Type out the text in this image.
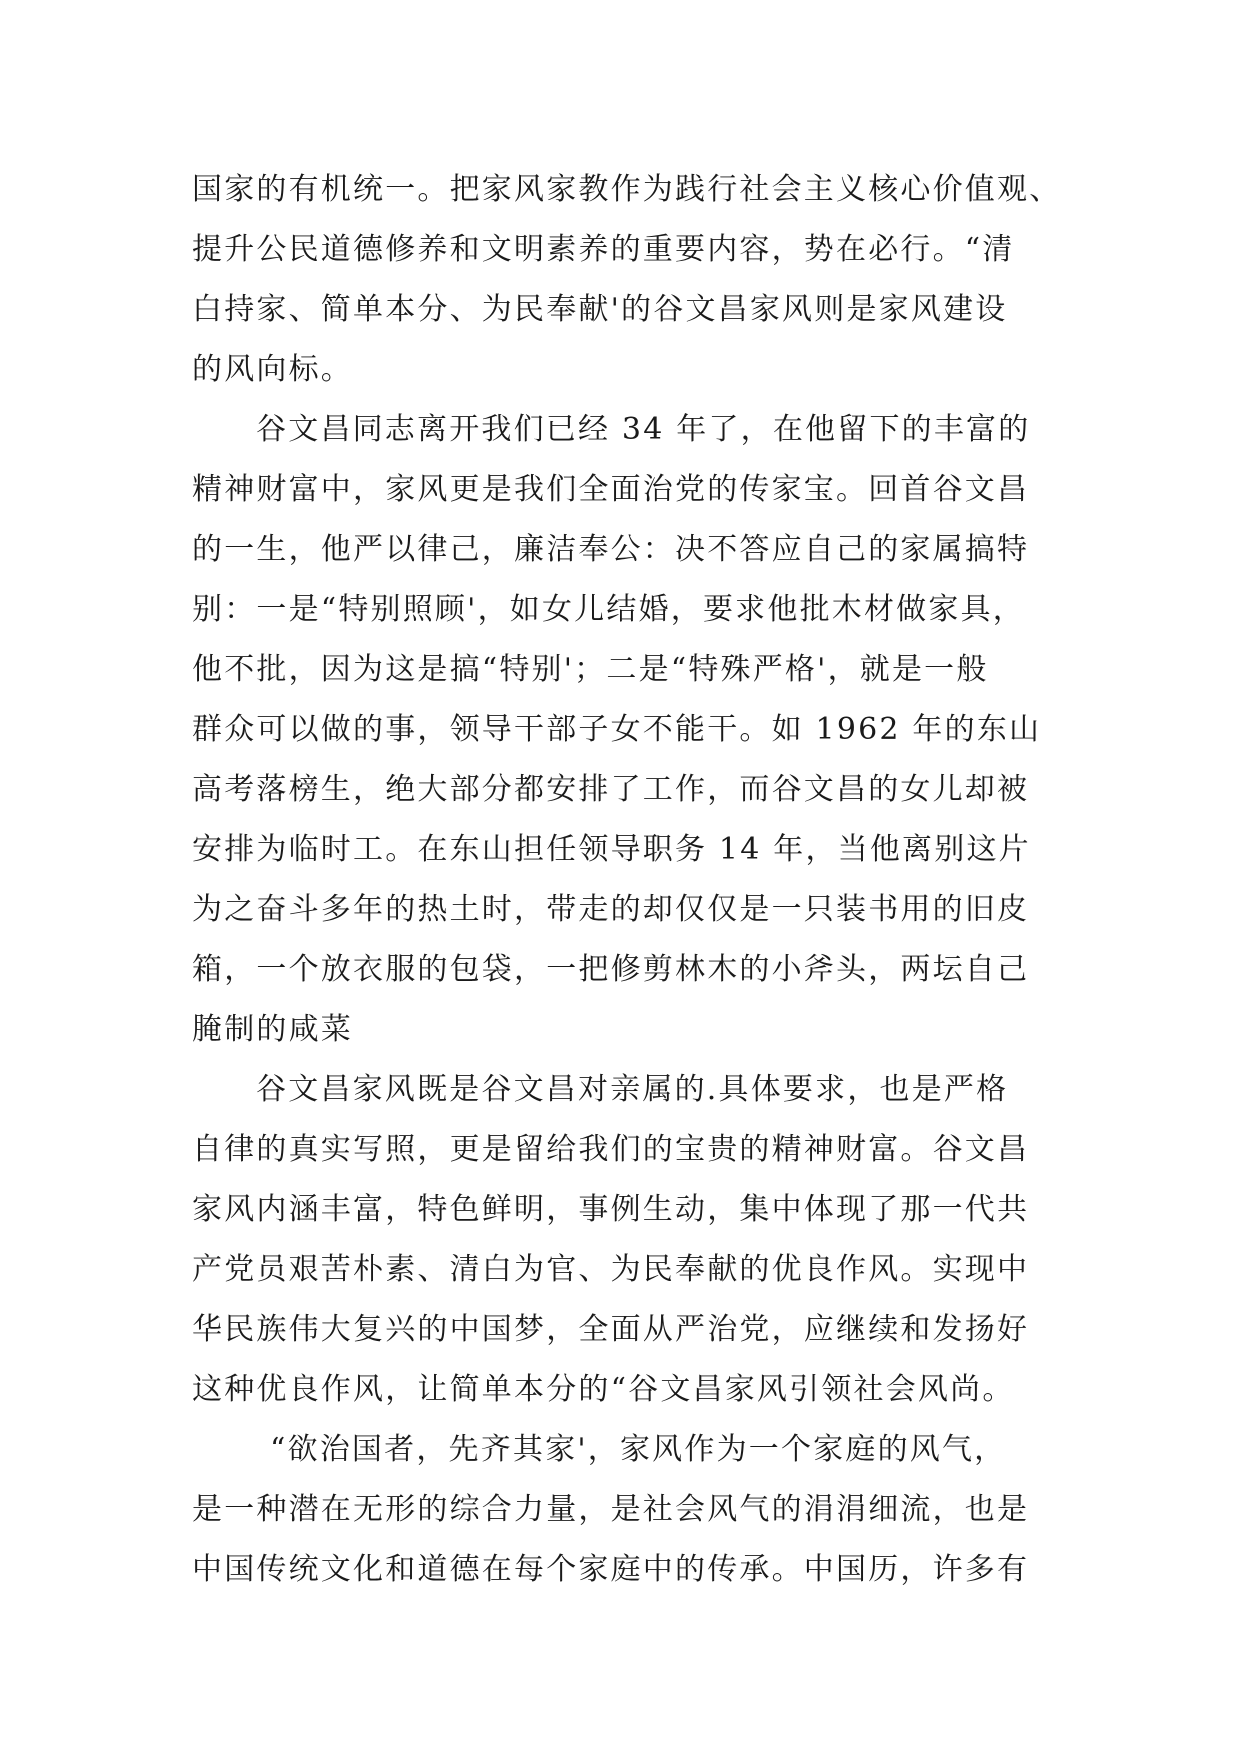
国家的有机统一。把家风家教作为践行社会主义核心价值观、
提升公民道德修养和文明素养的重要内容，势在必行。“清
白持家、简单本分、为民奉献'的谷文昌家风则是家风建设
的风向标。
谷文昌同志离开我们已经 34 年了，在他留下的丰富的
精神财富中，家风更是我们全面治党的传家宝。回首谷文昌
的一生，他严以律己，廉洁奉公：决不答应自己的家属搞特
别：一是“特别照顾'，如女儿结婚，要求他批木材做家具，
他不批，因为这是搞“特别'；二是“特殊严格'，就是一般
群众可以做的事，领导干部子女不能干。如 1962 年的东山
高考落榜生，绝大部分都安排了工作，而谷文昌的女儿却被
安排为临时工。在东山担任领导职务 14 年，当他离别这片
为之奋斗多年的热土时，带走的却仅仅是一只装书用的旧皮
箱，一个放衣服的包袋，一把修剪林木的小斧头，两坛自己
腌制的咸菜
谷文昌家风既是谷文昌对亲属的.具体要求，也是严格
自律的真实写照，更是留给我们的宝贵的精神财富。谷文昌
家风内涵丰富，特色鲜明，事例生动，集中体现了那一代共
产党员艰苦朴素、清白为官、为民奉献的优良作风。实现中
华民族伟大复兴的中国梦，全面从严治党，应继续和发扬好
这种优良作风，让简单本分的“谷文昌家风引领社会风尚。
“欲治国者，先齐其家'，家风作为一个家庭的风气，
是一种潜在无形的综合力量，是社会风气的涓涓细流，也是
中国传统文化和道德在每个家庭中的传承。中国历，许多有
